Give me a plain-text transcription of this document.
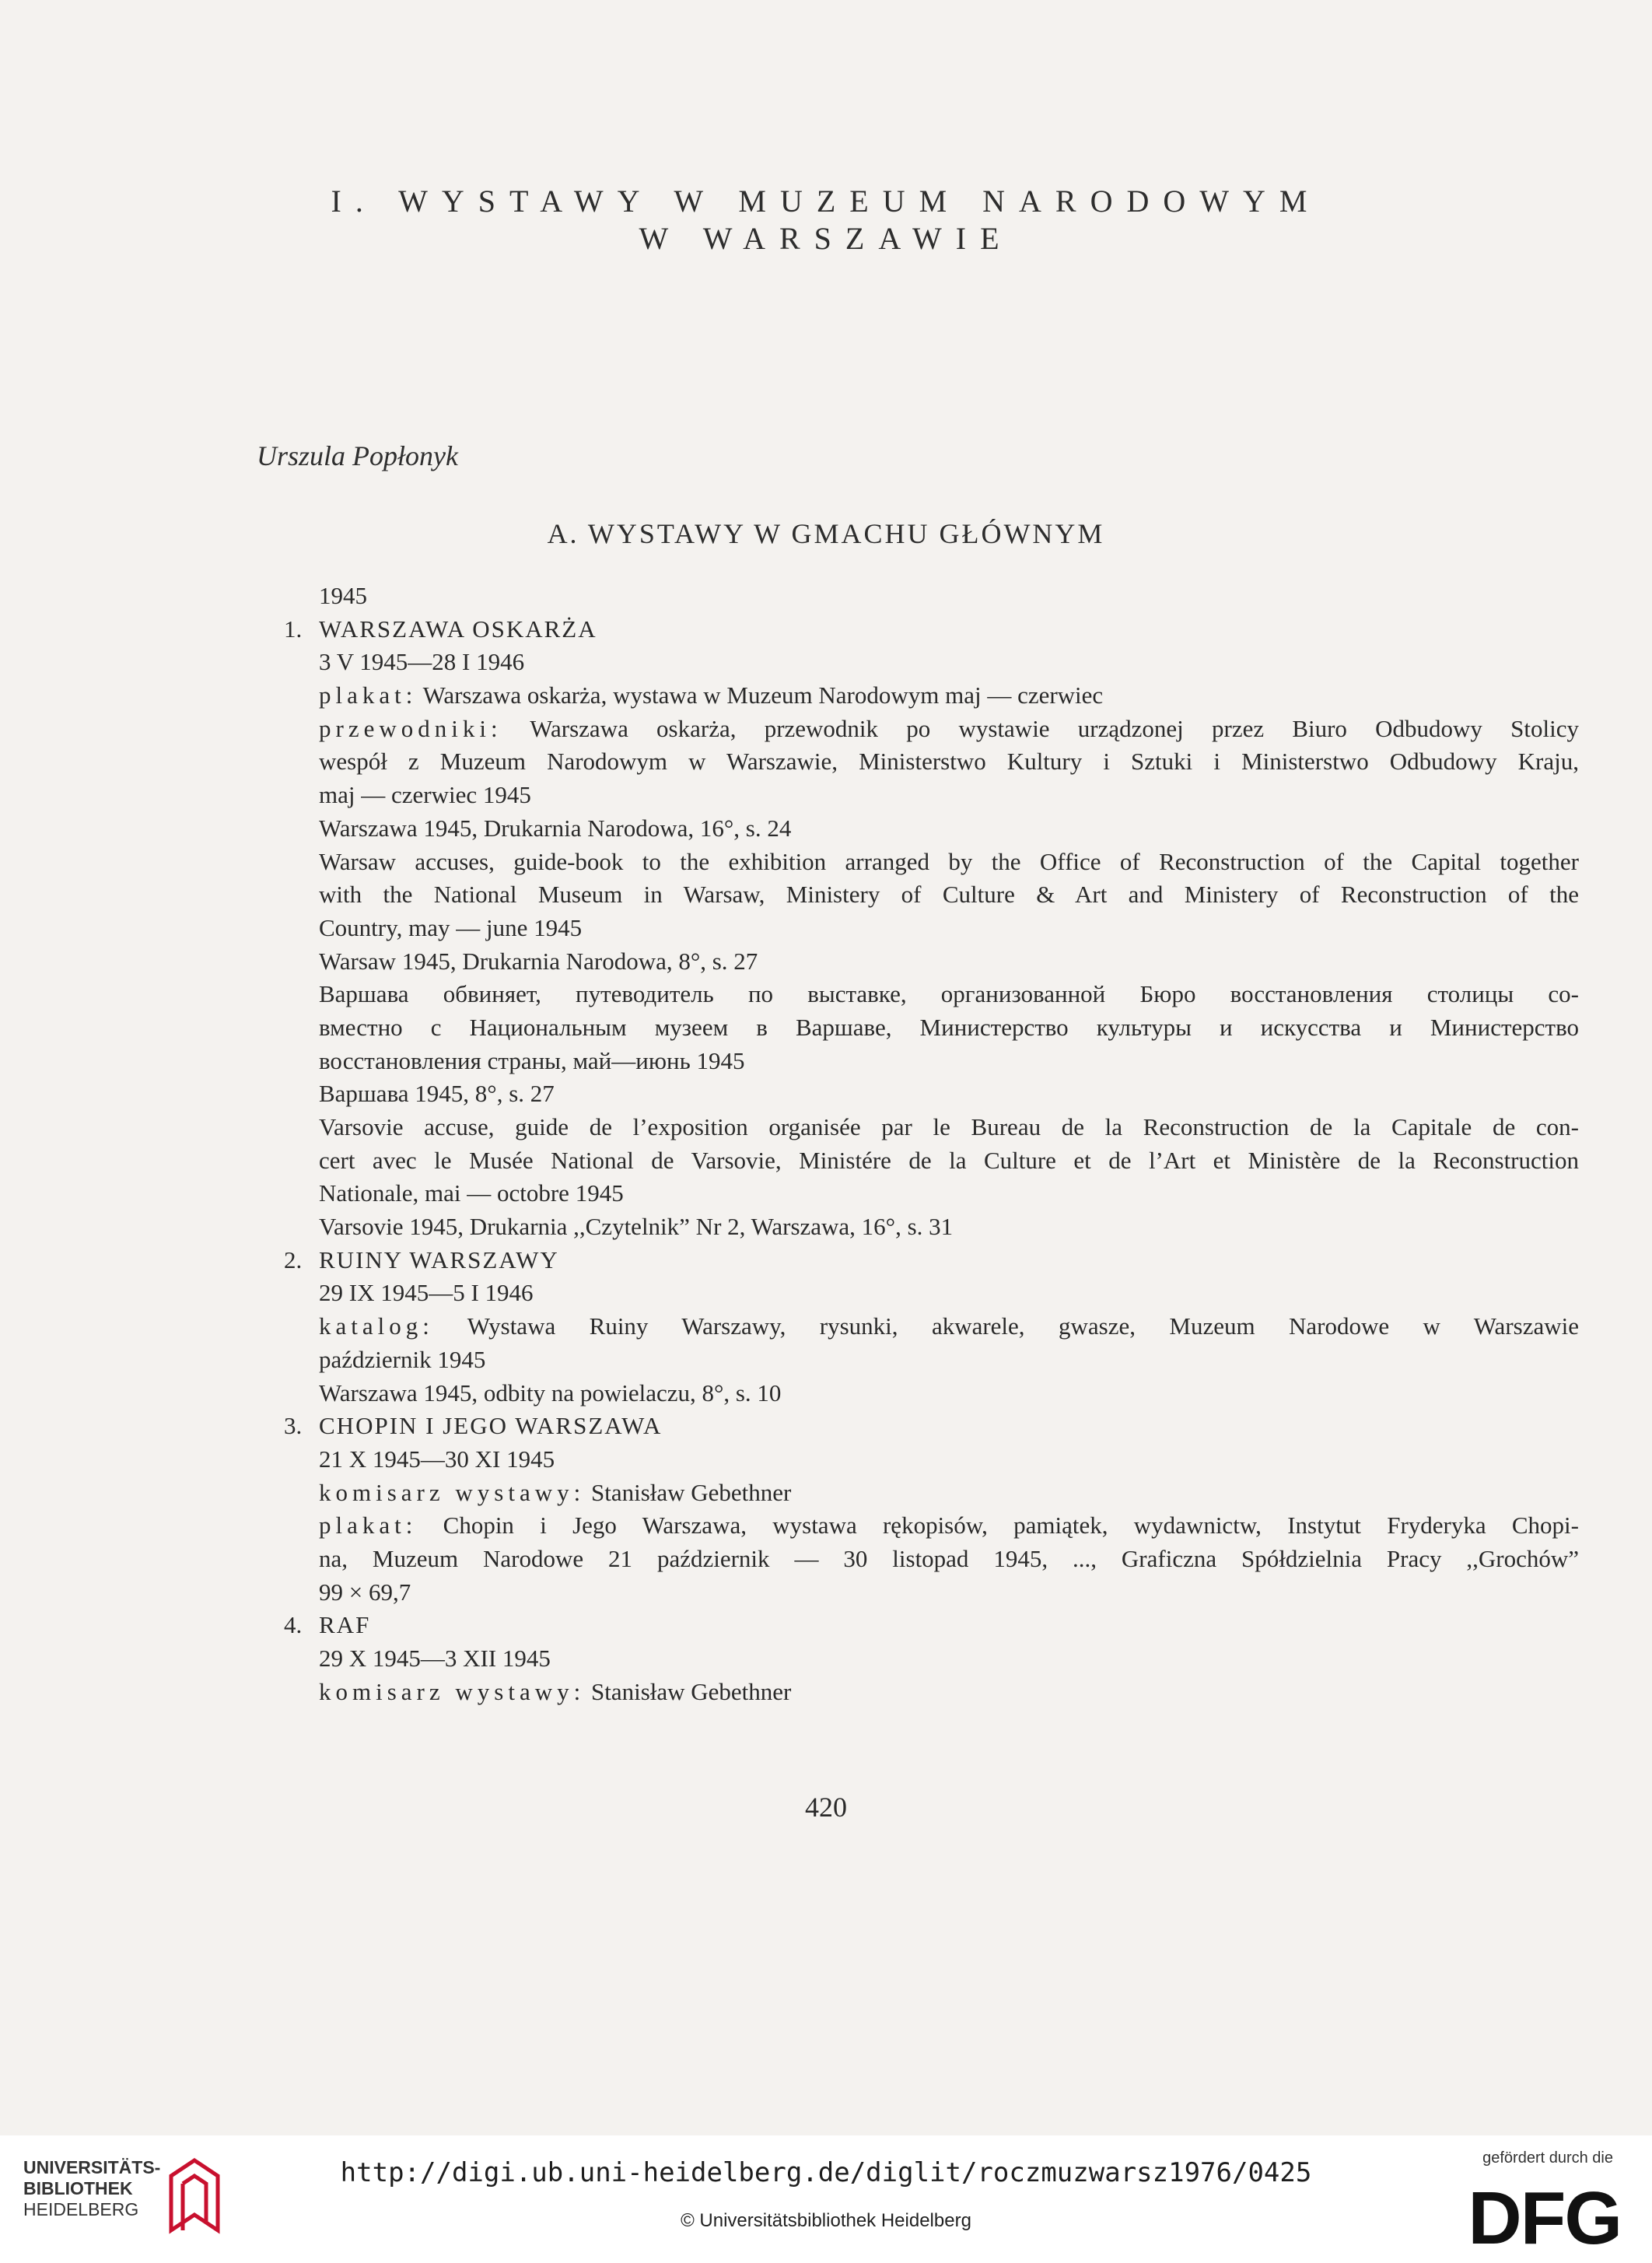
I. WYSTAWY W MUZEUM NARODOWYM
W WARSZAWIE
Urszula Popłonyk
A. WYSTAWY W GMACHU GŁÓWNYM
1945
1. WARSZAWA OSKARŻA
3 V 1945—28 I 1946
plakat: Warszawa oskarża, wystawa w Muzeum Narodowym maj — czerwiec
przewodniki: Warszawa oskarża, przewodnik po wystawie urządzonej przez Biuro Odbudowy Stolicy
wespół z Muzeum Narodowym w Warszawie, Ministerstwo Kultury i Sztuki i Ministerstwo Odbudowy Kraju,
maj — czerwiec 1945
Warszawa 1945, Drukarnia Narodowa, 16°, s. 24
Warsaw accuses, guide-book to the exhibition arranged by the Office of Reconstruction of the Capital together
with the National Museum in Warsaw, Ministery of Culture & Art and Ministery of Reconstruction of the
Country, may — june 1945
Warsaw 1945, Drukarnia Narodowa, 8°, s. 27
Варшава обвиняет, путеводитель по выставке, организованной Бюро восстановления столицы со-
вместно с Национальным музеем в Варшаве, Министерство культуры и искусства и Министерство
восстановления страны, май—июнь 1945
Варшава 1945, 8°, s. 27
Varsovie accuse, guide de l’exposition organisée par le Bureau de la Reconstruction de la Capitale de con-
cert avec le Musée National de Varsovie, Ministére de la Culture et de l’Art et Ministère de la Reconstruction
Nationale, mai — octobre 1945
Varsovie 1945, Drukarnia ,,Czytelnik” Nr 2, Warszawa, 16°, s. 31
2. RUINY WARSZAWY
29 IX 1945—5 I 1946
katalog: Wystawa Ruiny Warszawy, rysunki, akwarele, gwasze, Muzeum Narodowe w Warszawie
październik 1945
Warszawa 1945, odbity na powielaczu, 8°, s. 10
3. CHOPIN I JEGO WARSZAWA
21 X 1945—30 XI 1945
komisarz wystawy: Stanisław Gebethner
plakat: Chopin i Jego Warszawa, wystawa rękopisów, pamiątek, wydawnictw, Instytut Fryderyka Chopi-
na, Muzeum Narodowe 21 październik — 30 listopad 1945, ..., Graficzna Spółdzielnia Pracy ,,Grochów”
99 × 69,7
4. RAF
29 X 1945—3 XII 1945
komisarz wystawy: Stanisław Gebethner
420
UNIVERSITÄTS-
BIBLIOTHEK
HEIDELBERG
http://digi.ub.uni-heidelberg.de/diglit/roczmuzwarsz1976/0425
© Universitätsbibliothek Heidelberg
gefördert durch die
DFG
